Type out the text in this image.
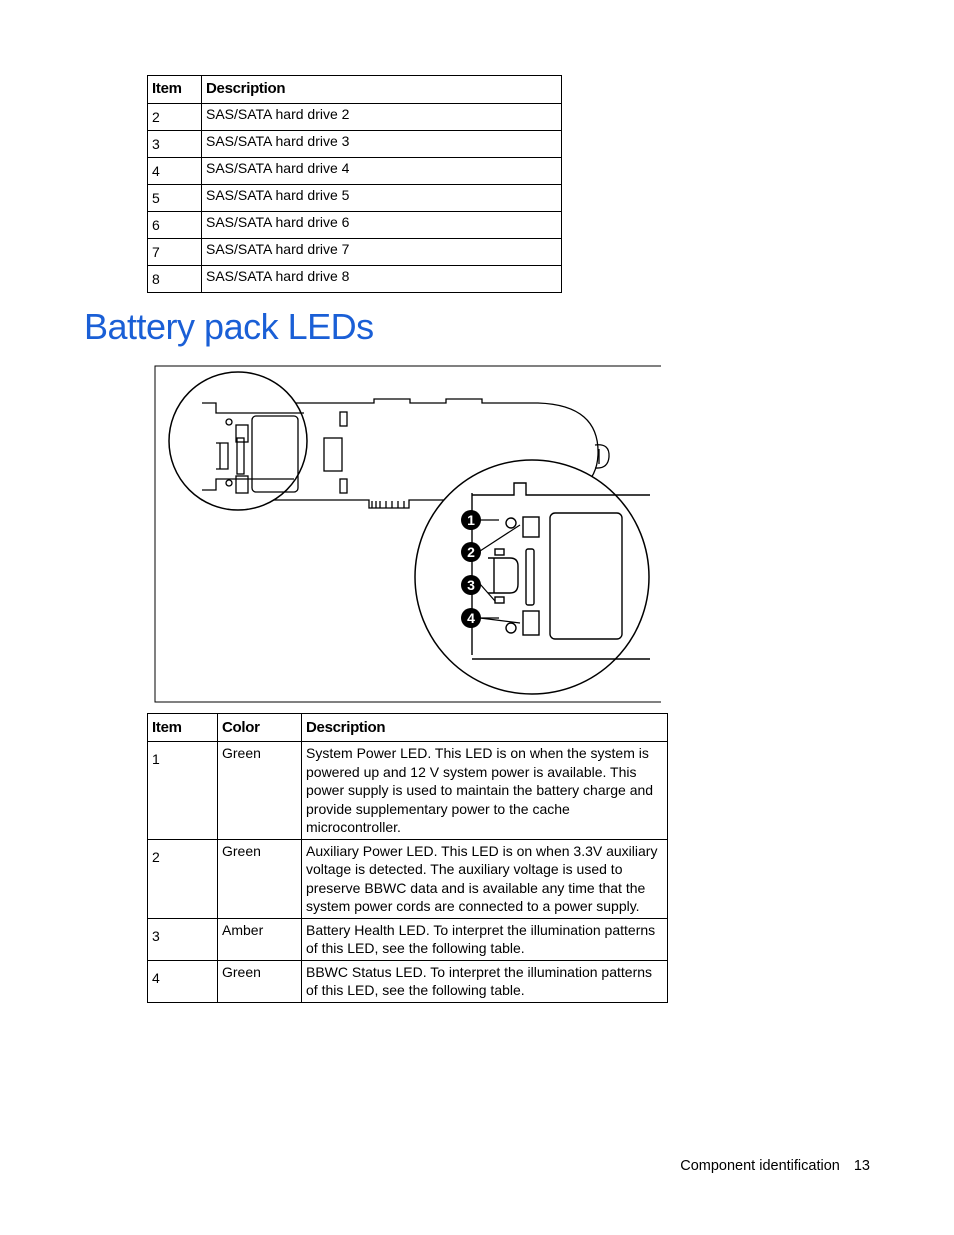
Item	Description
2	SAS/SATA hard drive 2
3	SAS/SATA hard drive 3
4	SAS/SATA hard drive 4
5	SAS/SATA hard drive 5
6	SAS/SATA hard drive 6
7	SAS/SATA hard drive 7
8	SAS/SATA hard drive 8
Battery pack LEDs
1
2
3
4
Item	Color	Description
1	Green	System Power LED. This LED is on when the system is powered up and 12 V system power is available. This power supply is used to maintain the battery charge and provide supplementary power to the cache microcontroller.
2	Green	Auxiliary Power LED. This LED is on when 3.3V auxiliary voltage is detected. The auxiliary voltage is used to preserve BBWC data and is available any time that the system power cords are connected to a power supply.
3	Amber	Battery Health LED. To interpret the illumination patterns of this LED, see the following table.
4	Green	BBWC Status LED. To interpret the illumination patterns of this LED, see the following table.
Component identification 13
